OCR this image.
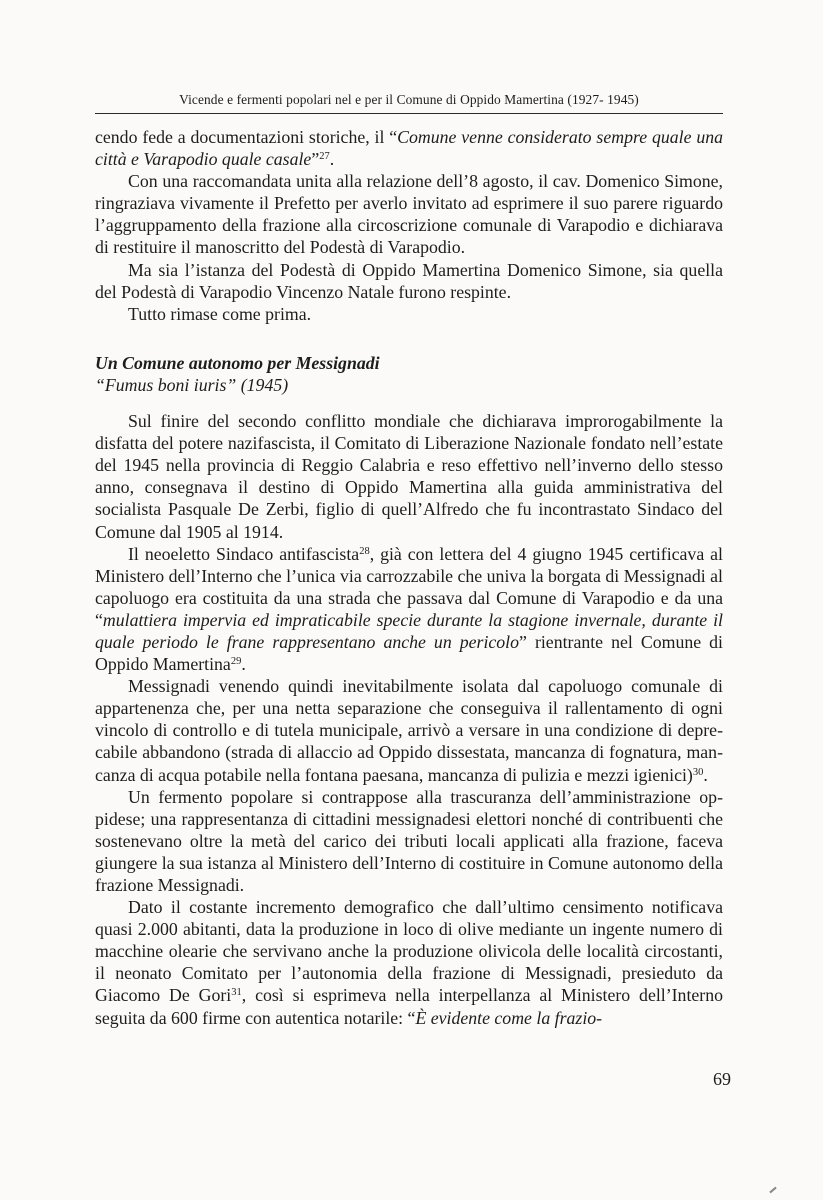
Vicende e fermenti popolari nel e per il Comune di Oppido Mamertina (1927- 1945)

cendo fede a documentazioni storiche, il “Comune venne considerato sempre quale una città e Varapodio quale casale”$^{27}$.

Con una raccomandata unita alla relazione dell’8 agosto, il cav. Domenico Simone, ringraziava vivamente il Prefetto per averlo invitato ad esprimere il suo parere riguardo l’aggruppamento della frazione alla circoscrizione comunale di Varapodio e dichiarava di restituire il manoscritto del Podestà di Varapodio.

Ma sia l’istanza del Podestà di Oppido Mamertina Domenico Simone, sia quella del Podestà di Varapodio Vincenzo Natale furono respinte.

Tutto rimase come prima.

Un Comune autonomo per Messignadi
“Fumus boni iuris” (1945)

Sul finire del secondo conflitto mondiale che dichiarava improrogabilmente la disfatta del potere nazifascista, il Comitato di Liberazione Nazionale fondato nell’estate del 1945 nella provincia di Reggio Calabria e reso effettivo nell’inverno dello stesso anno, consegnava il destino di Oppido Mamertina alla guida amministrativa del socialista Pasquale De Zerbi, figlio di quell’Alfredo che fu incontrastato Sindaco del Comune dal 1905 al 1914.

Il neoeletto Sindaco antifascista$^{28}$, già con lettera del 4 giugno 1945 certificava al Ministero dell’Interno che l’unica via carrozzabile che univa la borgata di Messignadi al capoluogo era costituita da una strada che passava dal Comune di Varapodio e da una “mulattiera impervia ed impraticabile specie durante la stagione invernale, durante il quale periodo le frane rappresentano anche un pericolo” rientrante nel Comune di Oppido Mamertina$^{29}$.

Messignadi venendo quindi inevitabilmente isolata dal capoluogo comunale di appartenenza che, per una netta separazione che conseguiva il rallentamento di ogni vincolo di controllo e di tutela municipale, arrivò a versare in una condizione di deprecabile abbandono (strada di allaccio ad Oppido dissestata, mancanza di fognatura, mancanza di acqua potabile nella fontana paesana, mancanza di pulizia e mezzi igienici)$^{30}$.

Un fermento popolare si contrappose alla trascuranza dell’amministrazione oppidese; una rappresentanza di cittadini messignadesi elettori nonché di contribuenti che sostenevano oltre la metà del carico dei tributi locali applicati alla frazione, faceva giungere la sua istanza al Ministero dell’Interno di costituire in Comune autonomo della frazione Messignadi.

Dato il costante incremento demografico che dall’ultimo censimento notificava quasi 2.000 abitanti, data la produzione in loco di olive mediante un ingente numero di macchine olearie che servivano anche la produzione olivicola delle località circostanti, il neonato Comitato per l’autonomia della frazione di Messignadi, presieduto da Giacomo De Gori$^{31}$, così si esprimeva nella interpellanza al Ministero dell’Interno seguita da 600 firme con autentica notarile: “È evidente come la frazio-

69
